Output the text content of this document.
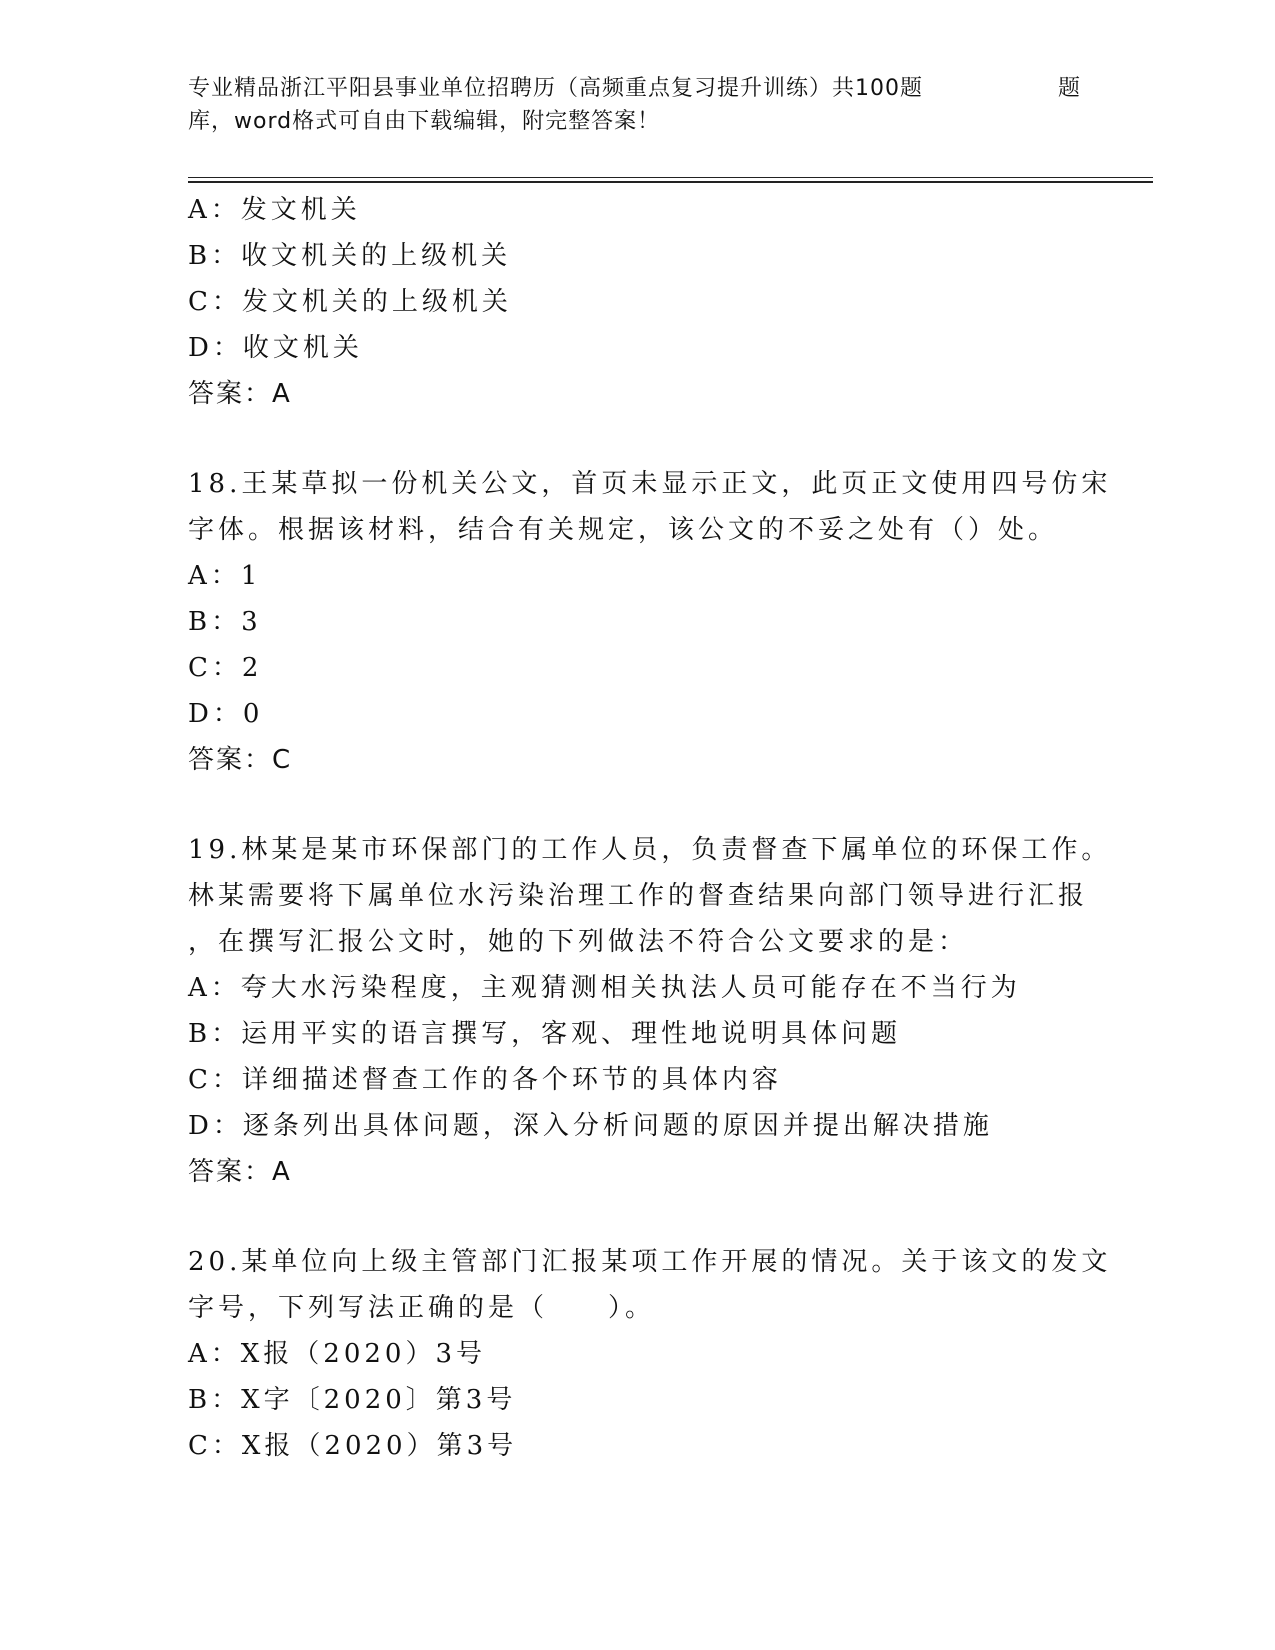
专业精品浙江平阳县事业单位招聘历（高频重点复习提升训练）共100题	题
库，word格式可自由下载编辑，附完整答案！
A：发文机关
B：收文机关的上级机关
C：发文机关的上级机关
D：收文机关
答案：A
18.王某草拟一份机关公文，首页未显示正文，此页正文使用四号仿宋
字体。根据该材料，结合有关规定，该公文的不妥之处有（）处。
A：1
B：3
C：2
D：0
答案：C
19.林某是某市环保部门的工作人员，负责督查下属单位的环保工作。
林某需要将下属单位水污染治理工作的督查结果向部门领导进行汇报
，在撰写汇报公文时，她的下列做法不符合公文要求的是：
A：夸大水污染程度，主观猜测相关执法人员可能存在不当行为
B：运用平实的语言撰写，客观、理性地说明具体问题
C：详细描述督查工作的各个环节的具体内容
D：逐条列出具体问题，深入分析问题的原因并提出解决措施
答案：A
20.某单位向上级主管部门汇报某项工作开展的情况。关于该文的发文
字号，下列写法正确的是（　　）。
A：X报（2020）3号
B：X字〔2020〕第3号
C：X报（2020）第3号
